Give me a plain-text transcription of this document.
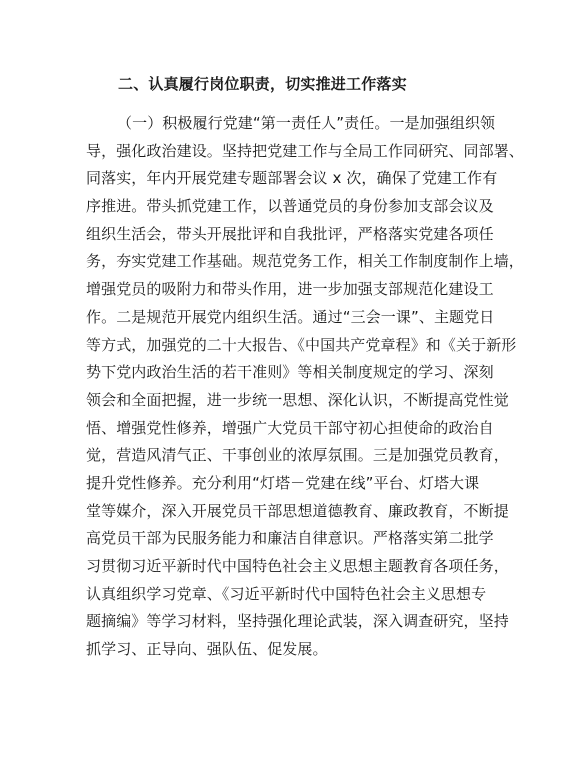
二、认真履行岗位职责，切实推进工作落实
（一）积极履行党建“第一责任人”责任。一是加强组织领
导，强化政治建设。坚持把党建工作与全局工作同研究、同部署、
同落实，年内开展党建专题部署会议 x 次，确保了党建工作有
序推进。带头抓党建工作，以普通党员的身份参加支部会议及
组织生活会，带头开展批评和自我批评，严格落实党建各项任
务，夯实党建工作基础。规范党务工作，相关工作制度制作上墙，
增强党员的吸附力和带头作用，进一步加强支部规范化建设工
作。二是规范开展党内组织生活。通过“三会一课”、主题党日
等方式，加强党的二十大报告、《中国共产党章程》和《关于新形
势下党内政治生活的若干准则》等相关制度规定的学习、深刻
领会和全面把握，进一步统一思想、深化认识，不断提高党性觉
悟、增强党性修养，增强广大党员干部守初心担使命的政治自
觉，营造风清气正、干事创业的浓厚氛围。三是加强党员教育，
提升党性修养。充分利用“灯塔－党建在线”平台、灯塔大课
堂等媒介，深入开展党员干部思想道德教育、廉政教育，不断提
高党员干部为民服务能力和廉洁自律意识。严格落实第二批学
习贯彻习近平新时代中国特色社会主义思想主题教育各项任务，
认真组织学习党章、《习近平新时代中国特色社会主义思想专
题摘编》等学习材料，坚持强化理论武装，深入调查研究，坚持
抓学习、正导向、强队伍、促发展。
